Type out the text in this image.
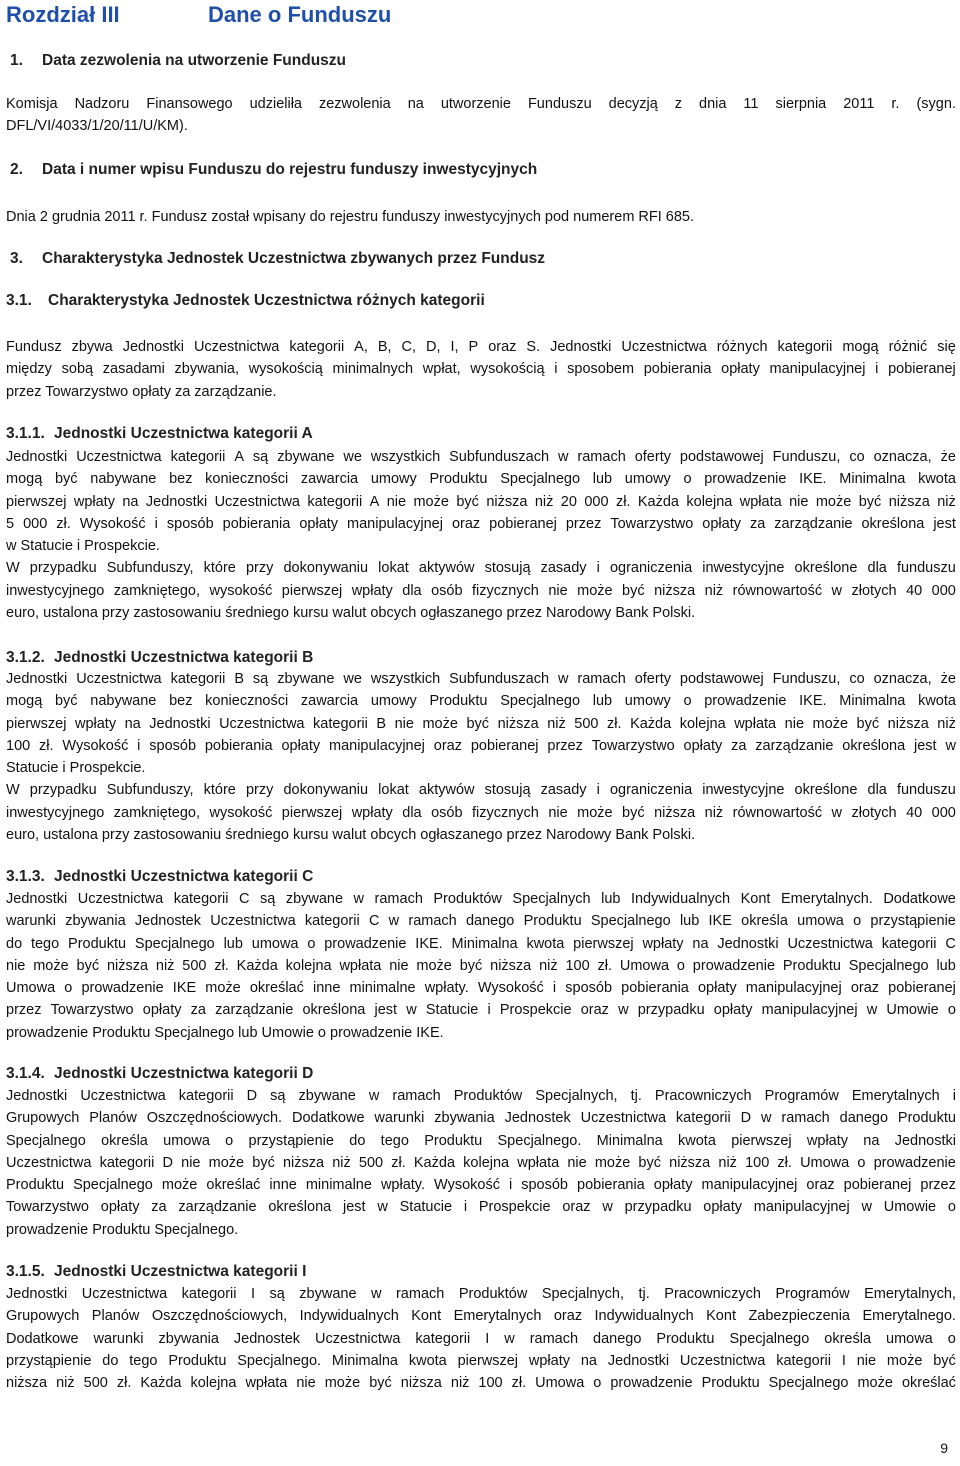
Rozdział III	Dane o Funduszu
1. Data zezwolenia na utworzenie Funduszu
Komisja Nadzoru Finansowego udzieliła zezwolenia na utworzenie Funduszu decyzją z dnia 11 sierpnia 2011 r. (sygn.
DFL/VI/4033/1/20/11/U/KM).
2. Data i numer wpisu Funduszu do rejestru funduszy inwestycyjnych
Dnia 2 grudnia 2011 r. Fundusz został wpisany do rejestru funduszy inwestycyjnych pod numerem RFI 685.
3. Charakterystyka Jednostek Uczestnictwa zbywanych przez Fundusz
3.1. Charakterystyka Jednostek Uczestnictwa różnych kategorii
Fundusz zbywa Jednostki Uczestnictwa kategorii A, B, C, D, I, P oraz S. Jednostki Uczestnictwa różnych kategorii mogą różnić się
między sobą zasadami zbywania, wysokością minimalnych wpłat, wysokością i sposobem pobierania opłaty manipulacyjnej i pobieranej
przez Towarzystwo opłaty za zarządzanie.
3.1.1. Jednostki Uczestnictwa kategorii A
Jednostki Uczestnictwa kategorii A są zbywane we wszystkich Subfunduszach w ramach oferty podstawowej Funduszu, co oznacza, że
mogą być nabywane bez konieczności zawarcia umowy Produktu Specjalnego lub umowy o prowadzenie IKE. Minimalna kwota
pierwszej wpłaty na Jednostki Uczestnictwa kategorii A nie może być niższa niż 20 000 zł. Każda kolejna wpłata nie może być niższa niż
5 000 zł. Wysokość i sposób pobierania opłaty manipulacyjnej oraz pobieranej przez Towarzystwo opłaty za zarządzanie określona jest
w Statucie i Prospekcie.
W przypadku Subfunduszy, które przy dokonywaniu lokat aktywów stosują zasady i ograniczenia inwestycyjne określone dla funduszu
inwestycyjnego zamkniętego, wysokość pierwszej wpłaty dla osób fizycznych nie może być niższa niż równowartość w złotych 40 000
euro, ustalona przy zastosowaniu średniego kursu walut obcych ogłaszanego przez Narodowy Bank Polski.
3.1.2. Jednostki Uczestnictwa kategorii B
Jednostki Uczestnictwa kategorii B są zbywane we wszystkich Subfunduszach w ramach oferty podstawowej Funduszu, co oznacza, że
mogą być nabywane bez konieczności zawarcia umowy Produktu Specjalnego lub umowy o prowadzenie IKE. Minimalna kwota
pierwszej wpłaty na Jednostki Uczestnictwa kategorii B nie może być niższa niż 500 zł. Każda kolejna wpłata nie może być niższa niż
100 zł. Wysokość i sposób pobierania opłaty manipulacyjnej oraz pobieranej przez Towarzystwo opłaty za zarządzanie określona jest w
Statucie i Prospekcie.
W przypadku Subfunduszy, które przy dokonywaniu lokat aktywów stosują zasady i ograniczenia inwestycyjne określone dla funduszu
inwestycyjnego zamkniętego, wysokość pierwszej wpłaty dla osób fizycznych nie może być niższa niż równowartość w złotych 40 000
euro, ustalona przy zastosowaniu średniego kursu walut obcych ogłaszanego przez Narodowy Bank Polski.
3.1.3. Jednostki Uczestnictwa kategorii C
Jednostki Uczestnictwa kategorii C są zbywane w ramach Produktów Specjalnych lub Indywidualnych Kont Emerytalnych. Dodatkowe
warunki zbywania Jednostek Uczestnictwa kategorii C w ramach danego Produktu Specjalnego lub IKE określa umowa o przystąpienie
do tego Produktu Specjalnego lub umowa o prowadzenie IKE. Minimalna kwota pierwszej wpłaty na Jednostki Uczestnictwa kategorii C
nie może być niższa niż 500 zł. Każda kolejna wpłata nie może być niższa niż 100 zł. Umowa o prowadzenie Produktu Specjalnego lub
Umowa o prowadzenie IKE może określać inne minimalne wpłaty. Wysokość i sposób pobierania opłaty manipulacyjnej oraz pobieranej
przez Towarzystwo opłaty za zarządzanie określona jest w Statucie i Prospekcie oraz w przypadku opłaty manipulacyjnej w Umowie o
prowadzenie Produktu Specjalnego lub Umowie o prowadzenie IKE.
3.1.4. Jednostki Uczestnictwa kategorii D
Jednostki Uczestnictwa kategorii D są zbywane w ramach Produktów Specjalnych, tj. Pracowniczych Programów Emerytalnych i
Grupowych Planów Oszczędnościowych. Dodatkowe warunki zbywania Jednostek Uczestnictwa kategorii D w ramach danego Produktu
Specjalnego określa umowa o przystąpienie do tego Produktu Specjalnego. Minimalna kwota pierwszej wpłaty na Jednostki
Uczestnictwa kategorii D nie może być niższa niż 500 zł. Każda kolejna wpłata nie może być niższa niż 100 zł. Umowa o prowadzenie
Produktu Specjalnego może określać inne minimalne wpłaty. Wysokość i sposób pobierania opłaty manipulacyjnej oraz pobieranej przez
Towarzystwo opłaty za zarządzanie określona jest w Statucie i Prospekcie oraz w przypadku opłaty manipulacyjnej w Umowie o
prowadzenie Produktu Specjalnego.
3.1.5. Jednostki Uczestnictwa kategorii I
Jednostki Uczestnictwa kategorii I są zbywane w ramach Produktów Specjalnych, tj. Pracowniczych Programów Emerytalnych,
Grupowych Planów Oszczędnościowych, Indywidualnych Kont Emerytalnych oraz Indywidualnych Kont Zabezpieczenia Emerytalnego.
Dodatkowe warunki zbywania Jednostek Uczestnictwa kategorii I w ramach danego Produktu Specjalnego określa umowa o
przystąpienie do tego Produktu Specjalnego. Minimalna kwota pierwszej wpłaty na Jednostki Uczestnictwa kategorii I nie może być
niższa niż 500 zł. Każda kolejna wpłata nie może być niższa niż 100 zł. Umowa o prowadzenie Produktu Specjalnego może określać
9
